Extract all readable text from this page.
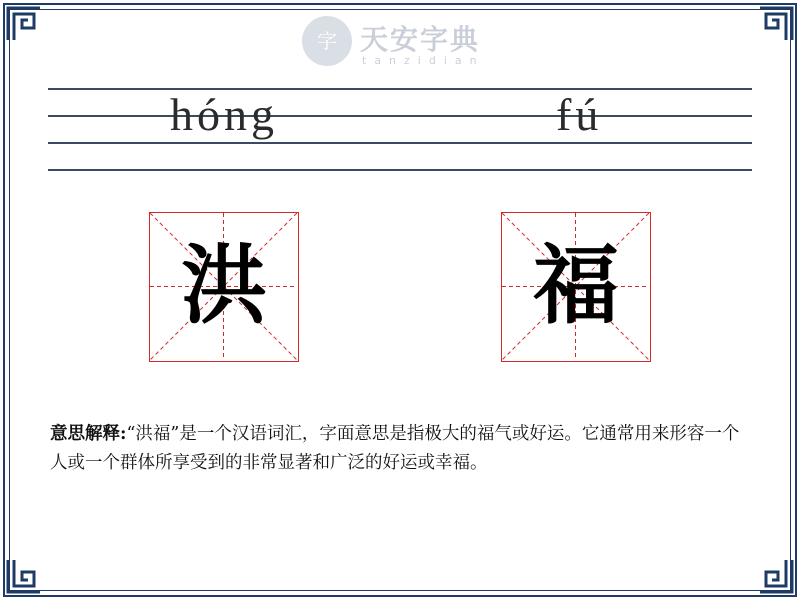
字 天安字典
tanzidian
hóng	fú
洪	福
意思解释:“洪福”是一个汉语词汇，字面意思是指极大的福气或好运。它通常用来形容一个人或一个群体所享受到的非常显著和广泛的好运或幸福。
